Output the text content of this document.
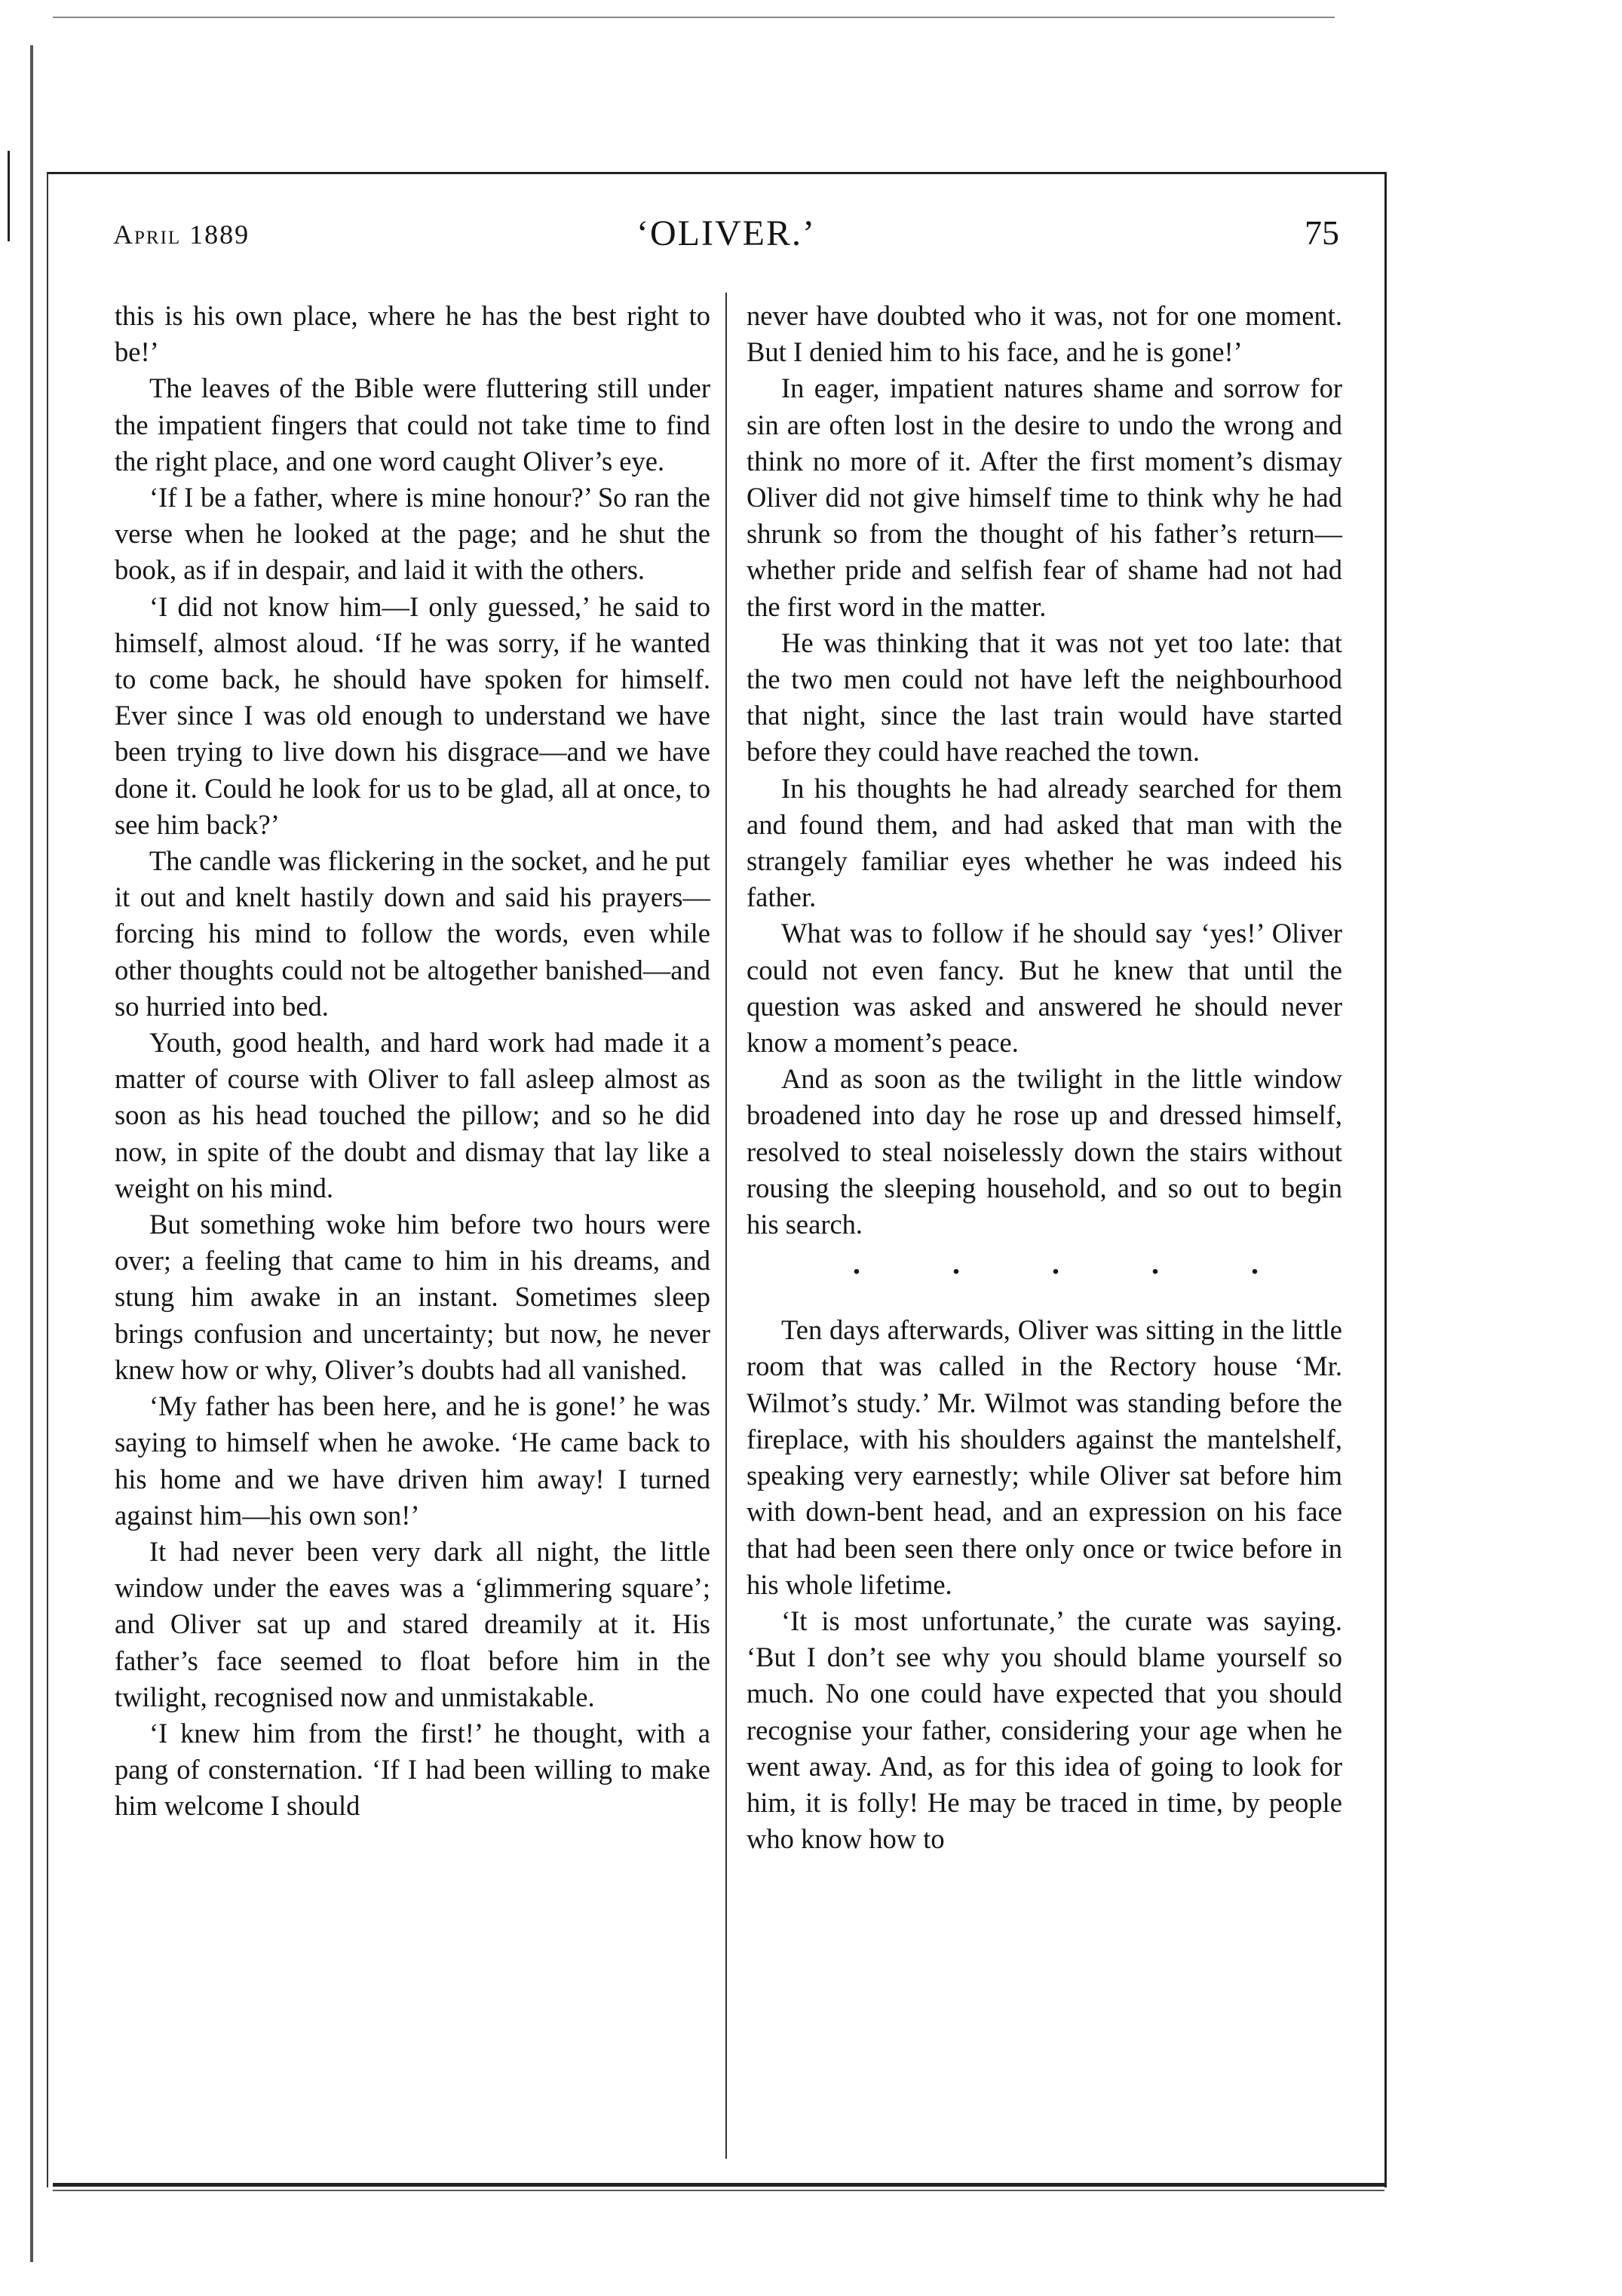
April 1889	‘OLIVER.’	75

this is his own place, where he has the best right to be!’

The leaves of the Bible were fluttering still under the impatient fingers that could not take time to find the right place, and one word caught Oliver’s eye.

‘If I be a father, where is mine honour?’ So ran the verse when he looked at the page; and he shut the book, as if in despair, and laid it with the others.

‘I did not know him—I only guessed,’ he said to himself, almost aloud. ‘If he was sorry, if he wanted to come back, he should have spoken for himself. Ever since I was old enough to understand we have been trying to live down his disgrace—and we have done it. Could he look for us to be glad, all at once, to see him back?’

The candle was flickering in the socket, and he put it out and knelt hastily down and said his prayers—forcing his mind to follow the words, even while other thoughts could not be altogether banished—and so hurried into bed.

Youth, good health, and hard work had made it a matter of course with Oliver to fall asleep almost as soon as his head touched the pillow; and so he did now, in spite of the doubt and dismay that lay like a weight on his mind.

But something woke him before two hours were over; a feeling that came to him in his dreams, and stung him awake in an instant. Sometimes sleep brings confusion and uncertainty; but now, he never knew how or why, Oliver’s doubts had all vanished.

‘My father has been here, and he is gone!’ he was saying to himself when he awoke. ‘He came back to his home and we have driven him away! I turned against him—his own son!’

It had never been very dark all night, the little window under the eaves was a ‘glimmering square’; and Oliver sat up and stared dreamily at it. His father’s face seemed to float before him in the twilight, recognised now and unmistakable.

‘I knew him from the first!’ he thought, with a pang of consternation. ‘If I had been willing to make him welcome I should

never have doubted who it was, not for one moment. But I denied him to his face, and he is gone!’

In eager, impatient natures shame and sorrow for sin are often lost in the desire to undo the wrong and think no more of it. After the first moment’s dismay Oliver did not give himself time to think why he had shrunk so from the thought of his father’s return—whether pride and selfish fear of shame had not had the first word in the matter.

He was thinking that it was not yet too late: that the two men could not have left the neighbourhood that night, since the last train would have started before they could have reached the town.

In his thoughts he had already searched for them and found them, and had asked that man with the strangely familiar eyes whether he was indeed his father.

What was to follow if he should say ‘yes!’ Oliver could not even fancy. But he knew that until the question was asked and answered he should never know a moment’s peace.

And as soon as the twilight in the little window broadened into day he rose up and dressed himself, resolved to steal noiselessly down the stairs without rousing the sleeping household, and so out to begin his search.

.	.	.	.	.

Ten days afterwards, Oliver was sitting in the little room that was called in the Rectory house ‘Mr. Wilmot’s study.’ Mr. Wilmot was standing before the fireplace, with his shoulders against the mantelshelf, speaking very earnestly; while Oliver sat before him with down-bent head, and an expression on his face that had been seen there only once or twice before in his whole lifetime.

‘It is most unfortunate,’ the curate was saying. ‘But I don’t see why you should blame yourself so much. No one could have expected that you should recognise your father, considering your age when he went away. And, as for this idea of going to look for him, it is folly! He may be traced in time, by people who know how to
